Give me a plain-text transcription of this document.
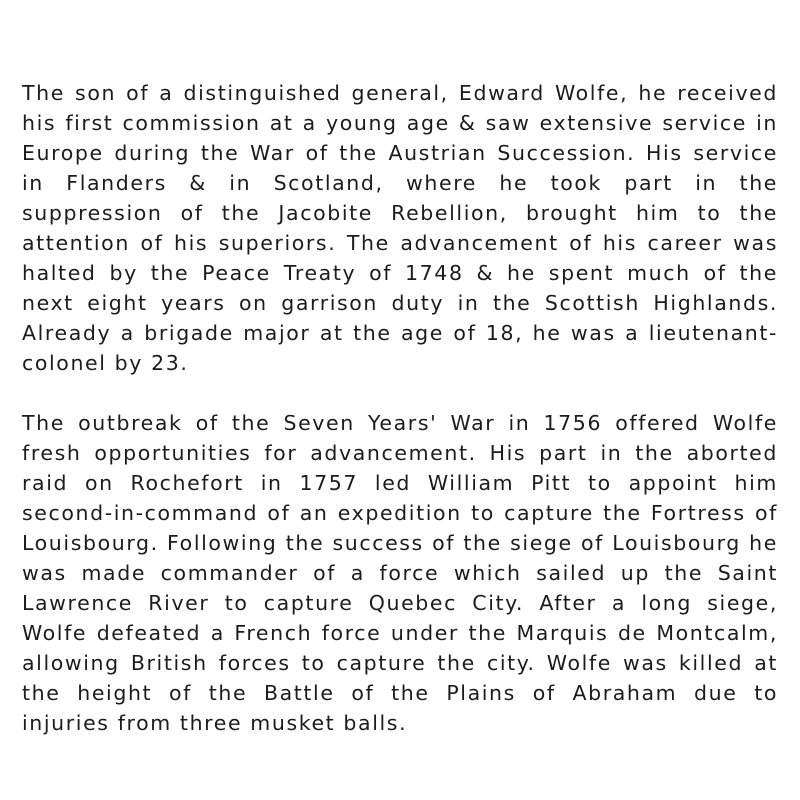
The son of a distinguished general, Edward Wolfe, he received his first commission at a young age & saw extensive service in Europe during the War of the Austrian Succession. His service in Flanders & in Scotland, where he took part in the suppression of the Jacobite Rebellion, brought him to the attention of his superiors. The advancement of his career was halted by the Peace Treaty of 1748 & he spent much of the next eight years on garrison duty in the Scottish Highlands. Already a brigade major at the age of 18, he was a lieutenant-colonel by 23.

The outbreak of the Seven Years' War in 1756 offered Wolfe fresh opportunities for advancement. His part in the aborted raid on Rochefort in 1757 led William Pitt to appoint him second-in-command of an expedition to capture the Fortress of Louisbourg. Following the success of the siege of Louisbourg he was made commander of a force which sailed up the Saint Lawrence River to capture Quebec City. After a long siege, Wolfe defeated a French force under the Marquis de Montcalm, allowing British forces to capture the city. Wolfe was killed at the height of the Battle of the Plains of Abraham due to injuries from three musket balls.
